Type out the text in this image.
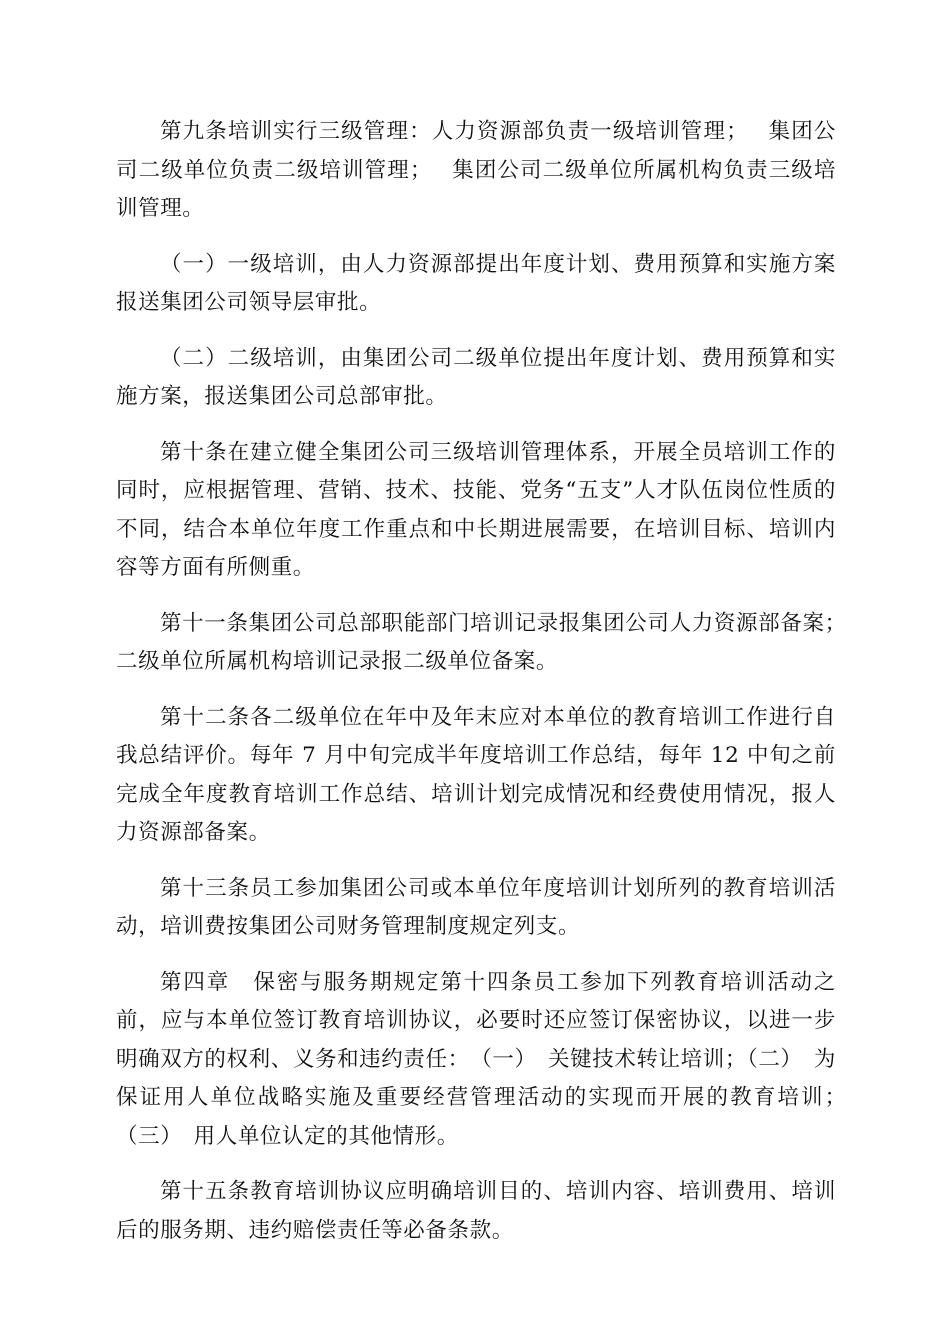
第九条培训实行三级管理：人力资源部负责一级培训管理；　 集团公司二级单位负责二级培训管理；　 集团公司二级单位所属机构负责三级培训管理。

（一）一级培训，由人力资源部提出年度计划、费用预算和实施方案报送集团公司领导层审批。

（二）二级培训，由集团公司二级单位提出年度计划、费用预算和实施方案，报送集团公司总部审批。

第十条在建立健全集团公司三级培训管理体系，开展全员培训工作的同时，应根据管理、营销、技术、技能、党务“五支”人才队伍岗位性质的不同，结合本单位年度工作重点和中长期进展需要，在培训目标、培训内容等方面有所侧重。

第十一条集团公司总部职能部门培训记录报集团公司人力资源部备案；　二级单位所属机构培训记录报二级单位备案。

第十二条各二级单位在年中及年末应对本单位的教育培训工作进行自我总结评价。每年 7 月中旬完成半年度培训工作总结，每年 12 中旬之前完成全年度教育培训工作总结、培训计划完成情况和经费使用情况，报人力资源部备案。

第十三条员工参加集团公司或本单位年度培训计划所列的教育培训活动，培训费按集团公司财务管理制度规定列支。

第四章　保密与服务期规定第十四条员工参加下列教育培训活动之前，应与本单位签订教育培训协议，必要时还应签订保密协议，以进一步明确双方的权利、义务和违约责任：　（一）　关键技术转让培训；（二）　为保证用人单位战略实施及重要经营管理活动的实现而开展的教育培训；　　（三）　用人单位认定的其他情形。

第十五条教育培训协议应明确培训目的、培训内容、培训费用、培训后的服务期、违约赔偿责任等必备条款。
